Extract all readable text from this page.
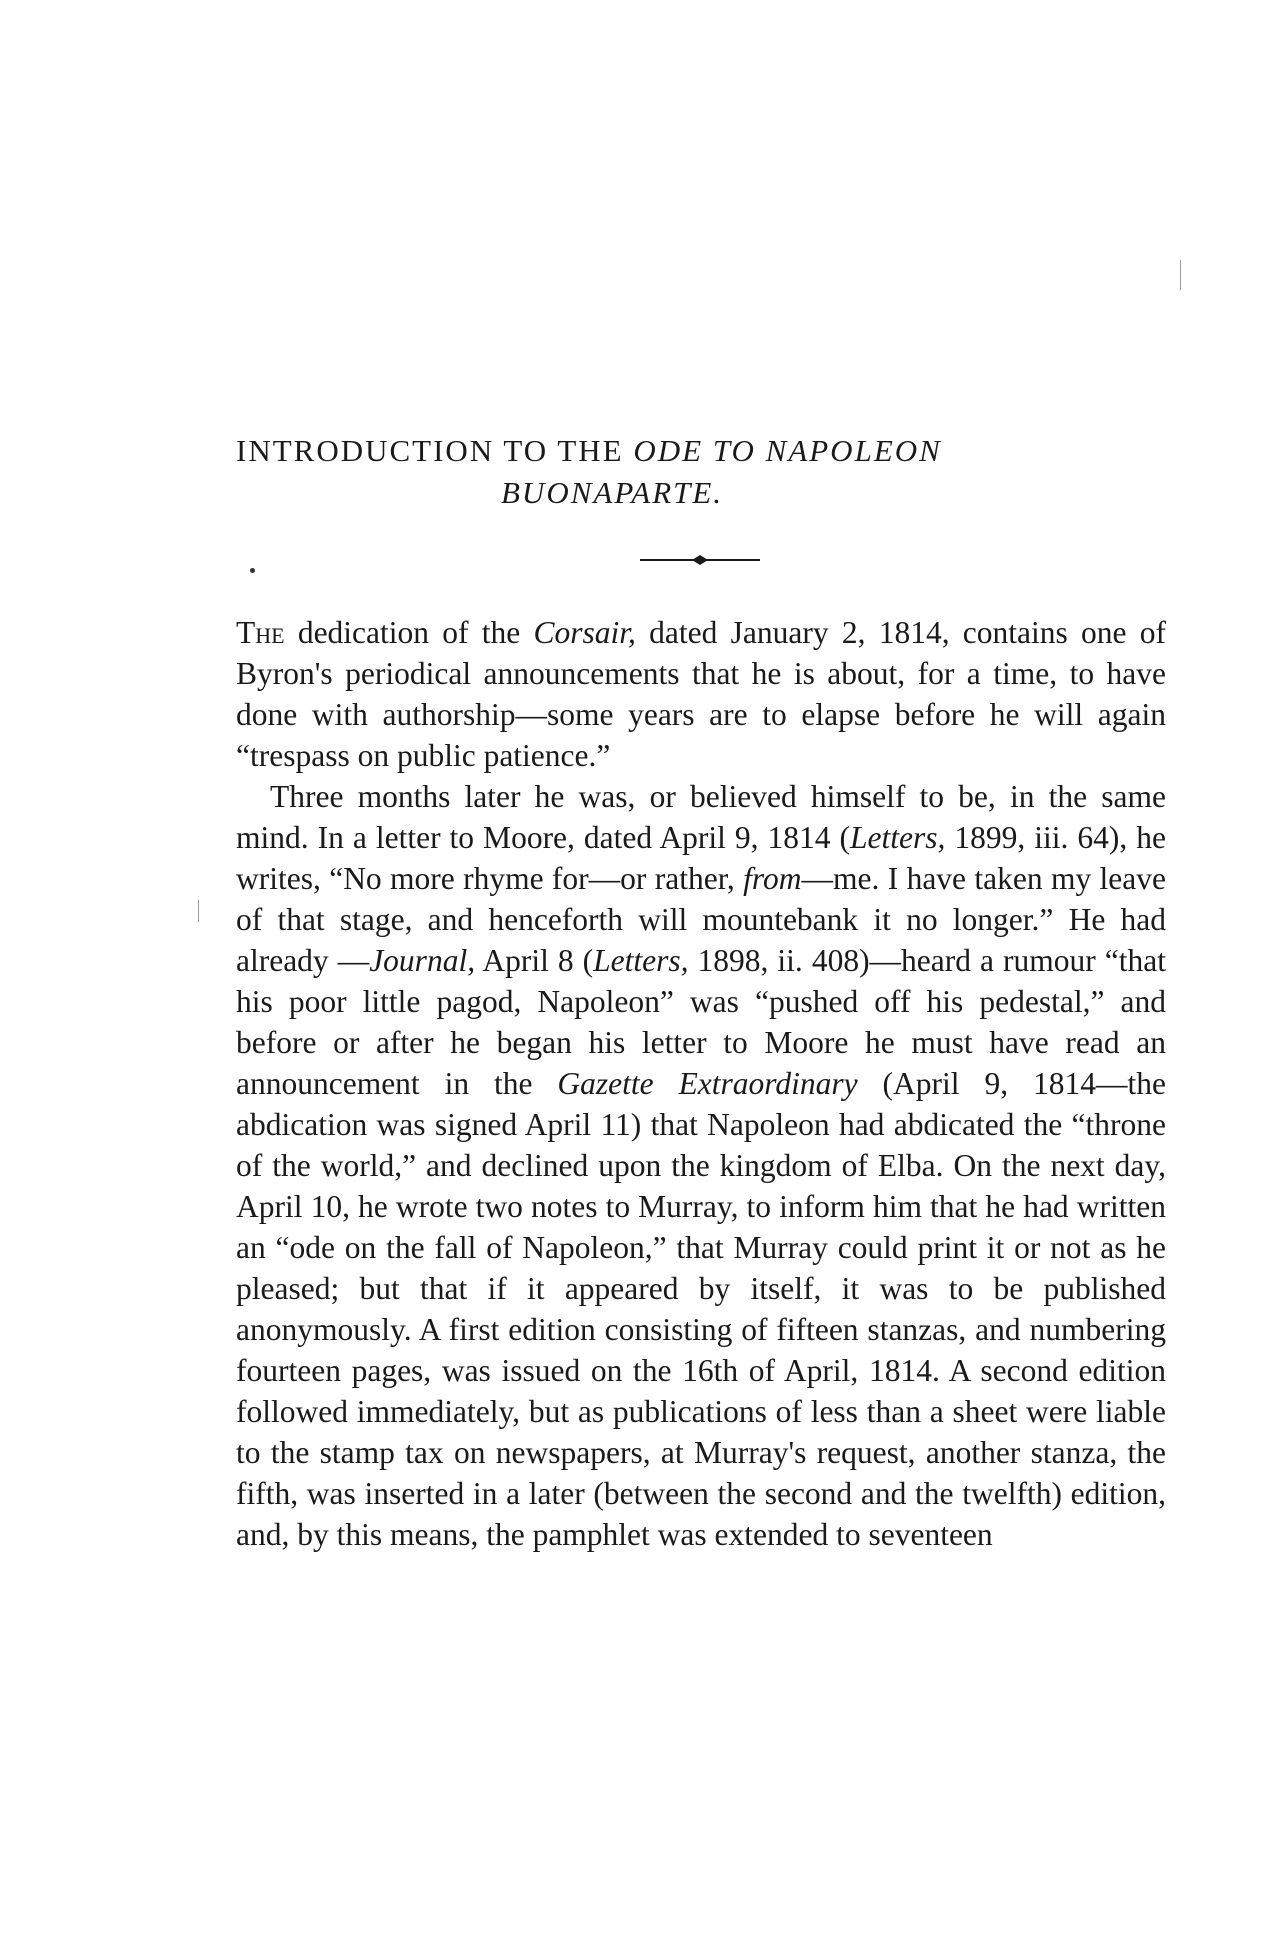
INTRODUCTION TO THE ODE TO NAPOLEON
BUONAPARTE.

The dedication of the Corsair, dated January 2, 1814, contains one of Byron's periodical announcements that he is about, for a time, to have done with authorship—some years are to elapse before he will again “trespass on public patience.”

Three months later he was, or believed himself to be, in the same mind. In a letter to Moore, dated April 9, 1814 (Letters, 1899, iii. 64), he writes, “No more rhyme for—or rather, from—me. I have taken my leave of that stage, and henceforth will mountebank it no longer.” He had already —Journal, April 8 (Letters, 1898, ii. 408)—heard a rumour “that his poor little pagod, Napoleon” was “pushed off his pedestal,” and before or after he began his letter to Moore he must have read an announcement in the Gazette Extraordinary (April 9, 1814—the abdication was signed April 11) that Napoleon had abdicated the “throne of the world,” and declined upon the kingdom of Elba. On the next day, April 10, he wrote two notes to Murray, to inform him that he had written an “ode on the fall of Napoleon,” that Murray could print it or not as he pleased; but that if it appeared by itself, it was to be published anonymously. A first edition consisting of fifteen stanzas, and numbering fourteen pages, was issued on the 16th of April, 1814. A second edition followed immediately, but as publications of less than a sheet were liable to the stamp tax on newspapers, at Murray's request, another stanza, the fifth, was inserted in a later (between the second and the twelfth) edition, and, by this means, the pamphlet was extended to seventeen
